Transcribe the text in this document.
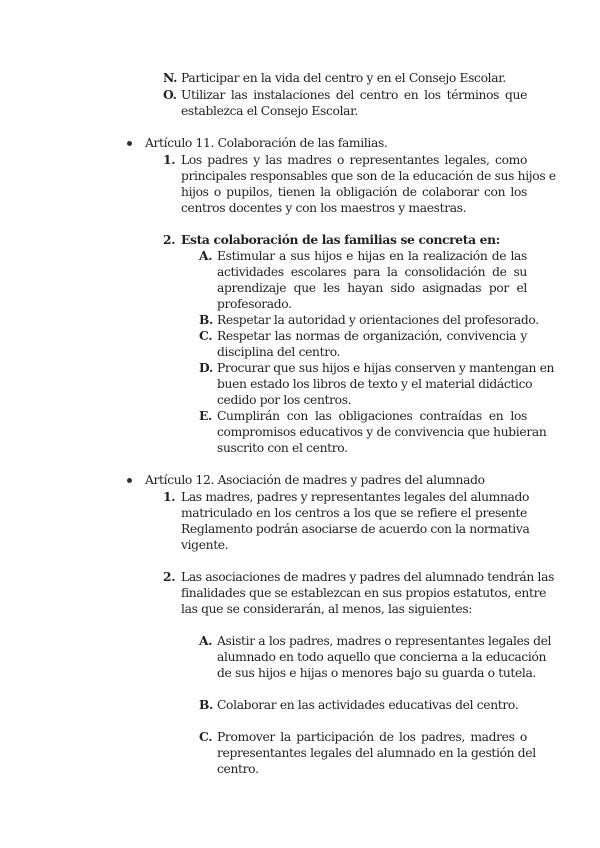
N. Participar en la vida del centro y en el Consejo Escolar.
O. Utilizar las instalaciones del centro en los términos que
establezca el Consejo Escolar.
Artículo 11. Colaboración de las familias.
1. Los padres y las madres o representantes legales, como
principales responsables que son de la educación de sus hijos e
hijos o pupilos, tienen la obligación de colaborar con los
centros docentes y con los maestros y maestras.
2. Esta colaboración de las familias se concreta en:
A. Estimular a sus hijos e hijas en la realización de las
actividades escolares para la consolidación de su
aprendizaje que les hayan sido asignadas por el
profesorado.
B. Respetar la autoridad y orientaciones del profesorado.
C. Respetar las normas de organización, convivencia y
disciplina del centro.
D. Procurar que sus hijos e hijas conserven y mantengan en
buen estado los libros de texto y el material didáctico
cedido por los centros.
E. Cumplirán con las obligaciones contraídas en los
compromisos educativos y de convivencia que hubieran
suscrito con el centro.
Artículo 12. Asociación de madres y padres del alumnado
1. Las madres, padres y representantes legales del alumnado
matriculado en los centros a los que se refiere el presente
Reglamento podrán asociarse de acuerdo con la normativa
vigente.
2. Las asociaciones de madres y padres del alumnado tendrán las
finalidades que se establezcan en sus propios estatutos, entre
las que se considerarán, al menos, las siguientes:
A. Asistir a los padres, madres o representantes legales del
alumnado en todo aquello que concierna a la educación
de sus hijos e hijas o menores bajo su guarda o tutela.
B. Colaborar en las actividades educativas del centro.
C. Promover la participación de los padres, madres o
representantes legales del alumnado en la gestión del
centro.
